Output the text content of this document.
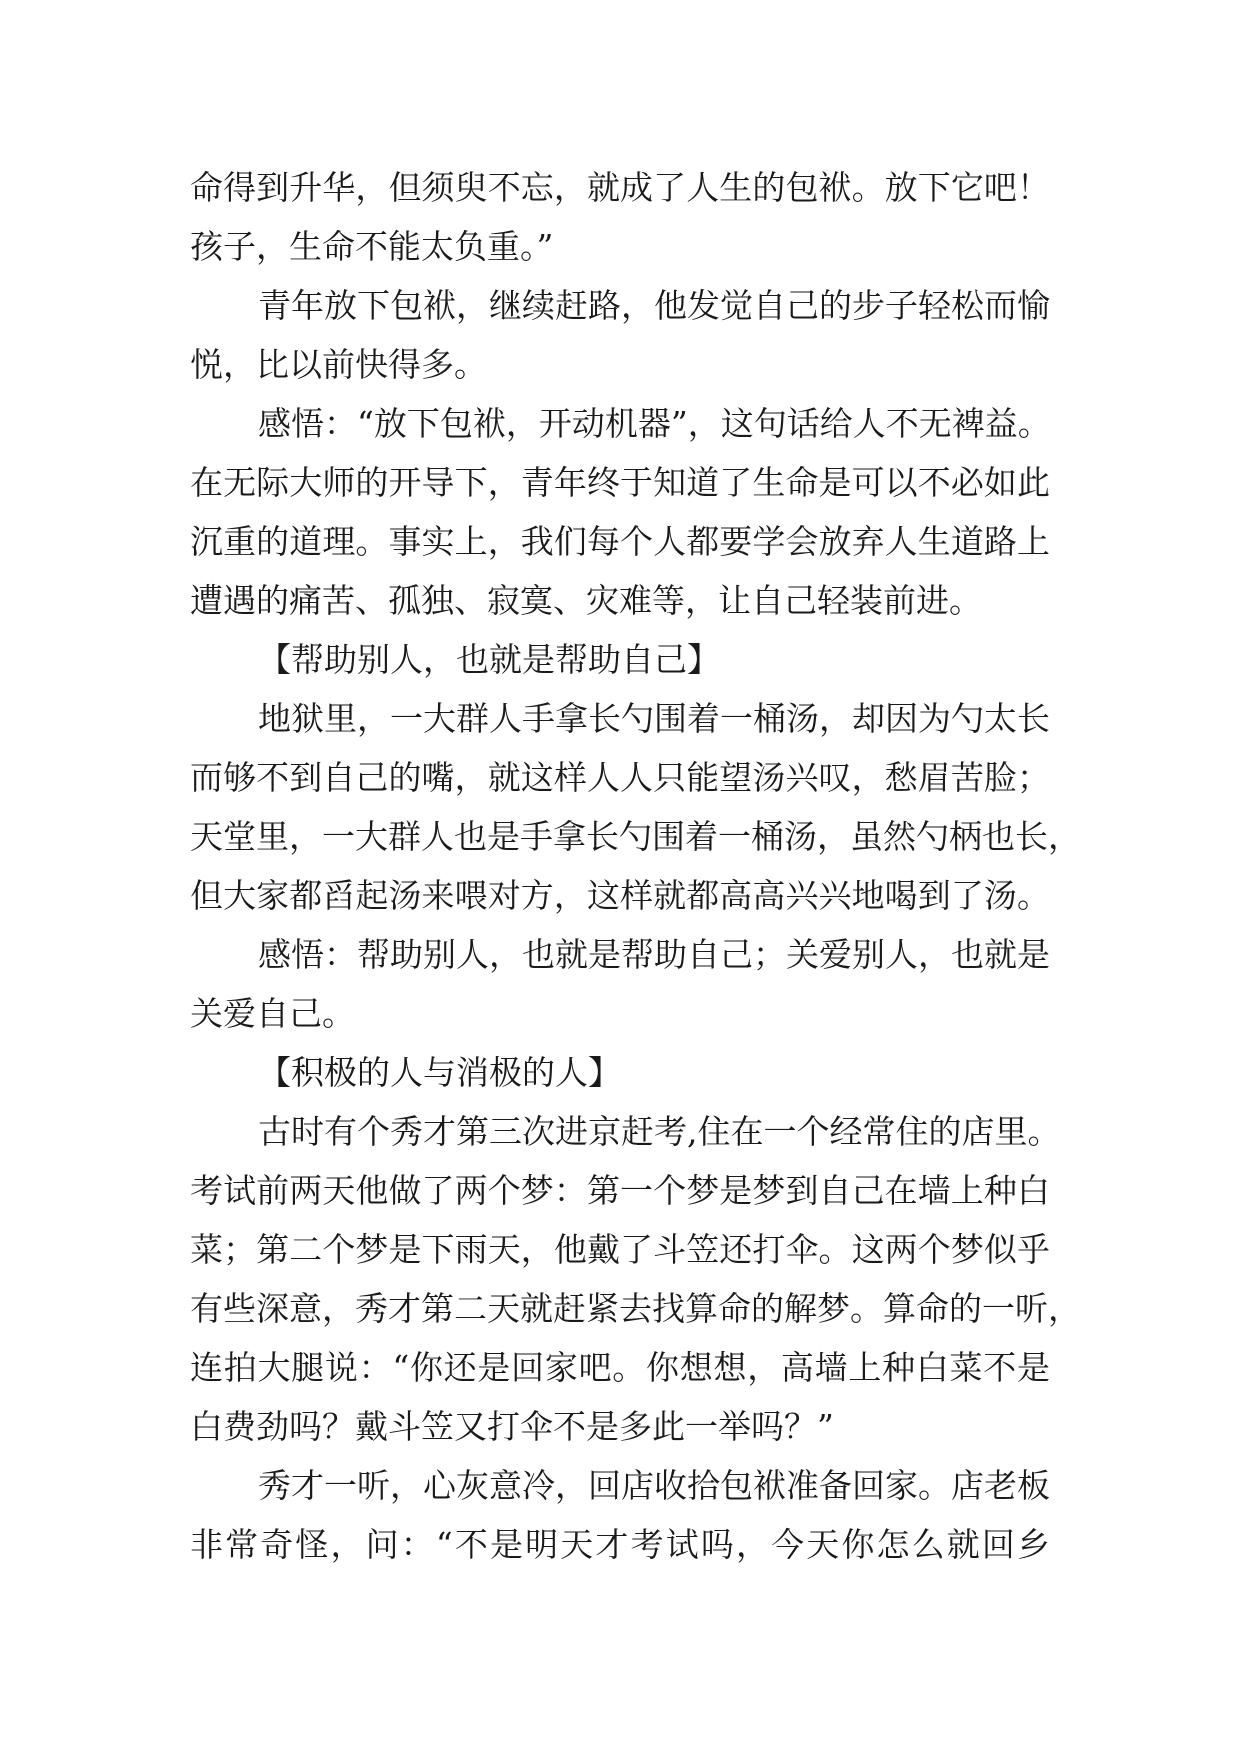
命得到升华，但须臾不忘，就成了人生的包袱。放下它吧！
孩子，生命不能太负重。”
青年放下包袱，继续赶路，他发觉自己的步子轻松而愉
悦，比以前快得多。
感悟：“放下包袱，开动机器”，这句话给人不无裨益。
在无际大师的开导下，青年终于知道了生命是可以不必如此
沉重的道理。事实上，我们每个人都要学会放弃人生道路上
遭遇的痛苦、孤独、寂寞、灾难等，让自己轻装前进。
【帮助别人，也就是帮助自己】
地狱里，一大群人手拿长勺围着一桶汤，却因为勺太长
而够不到自己的嘴，就这样人人只能望汤兴叹，愁眉苦脸；
天堂里，一大群人也是手拿长勺围着一桶汤，虽然勺柄也长，
但大家都舀起汤来喂对方，这样就都高高兴兴地喝到了汤。
感悟：帮助别人，也就是帮助自己；关爱别人，也就是
关爱自己。
【积极的人与消极的人】
古时有个秀才第三次进京赶考,住在一个经常住的店里。
考试前两天他做了两个梦：第一个梦是梦到自己在墙上种白
菜；第二个梦是下雨天，他戴了斗笠还打伞。这两个梦似乎
有些深意，秀才第二天就赶紧去找算命的解梦。算命的一听，
连拍大腿说：“你还是回家吧。你想想，高墙上种白菜不是
白费劲吗？戴斗笠又打伞不是多此一举吗？”
秀才一听，心灰意冷，回店收拾包袱准备回家。店老板
非常奇怪，问：“不是明天才考试吗，今天你怎么就回乡
